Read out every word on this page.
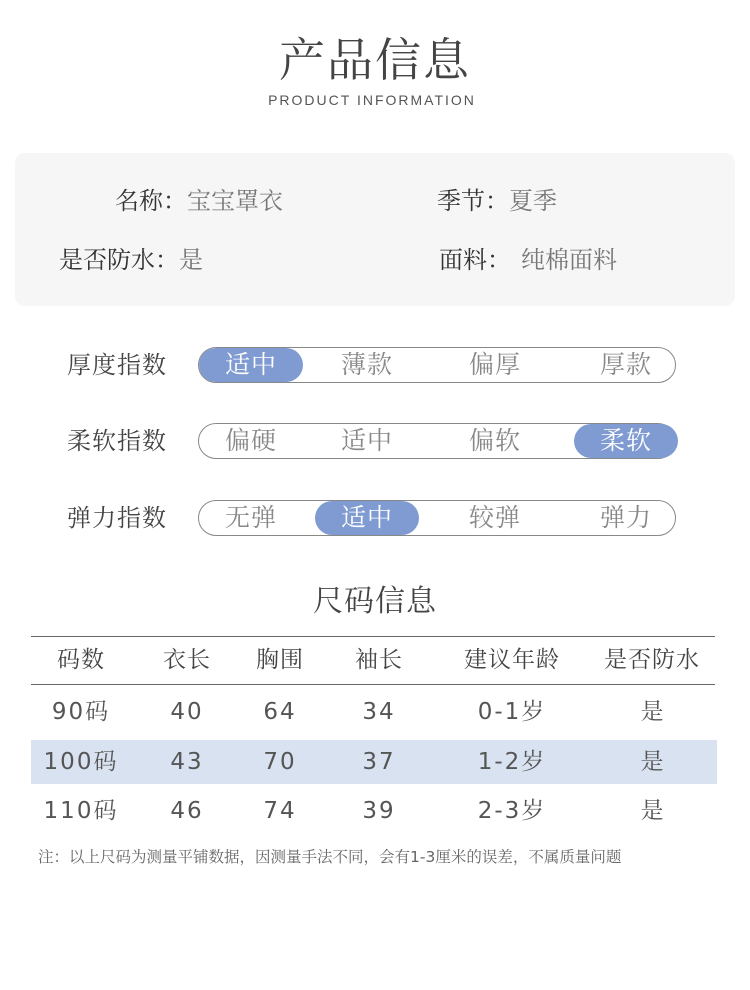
产品信息
PRODUCT INFORMATION
名称：宝宝罩衣	季节：夏季
是否防水：是	面料： 纯棉面料
厚度指数	适中	薄款	偏厚	厚款
柔软指数	偏硬	适中	偏软	柔软
弹力指数	无弹	适中	较弹	弹力
尺码信息
码数	衣长	胸围	袖长	建议年龄	是否防水
90码	40	64	34	0-1岁	是
100码	43	70	37	1-2岁	是
110码	46	74	39	2-3岁	是
注：以上尺码为测量平铺数据，因测量手法不同，会有1-3厘米的误差，不属质量问题
